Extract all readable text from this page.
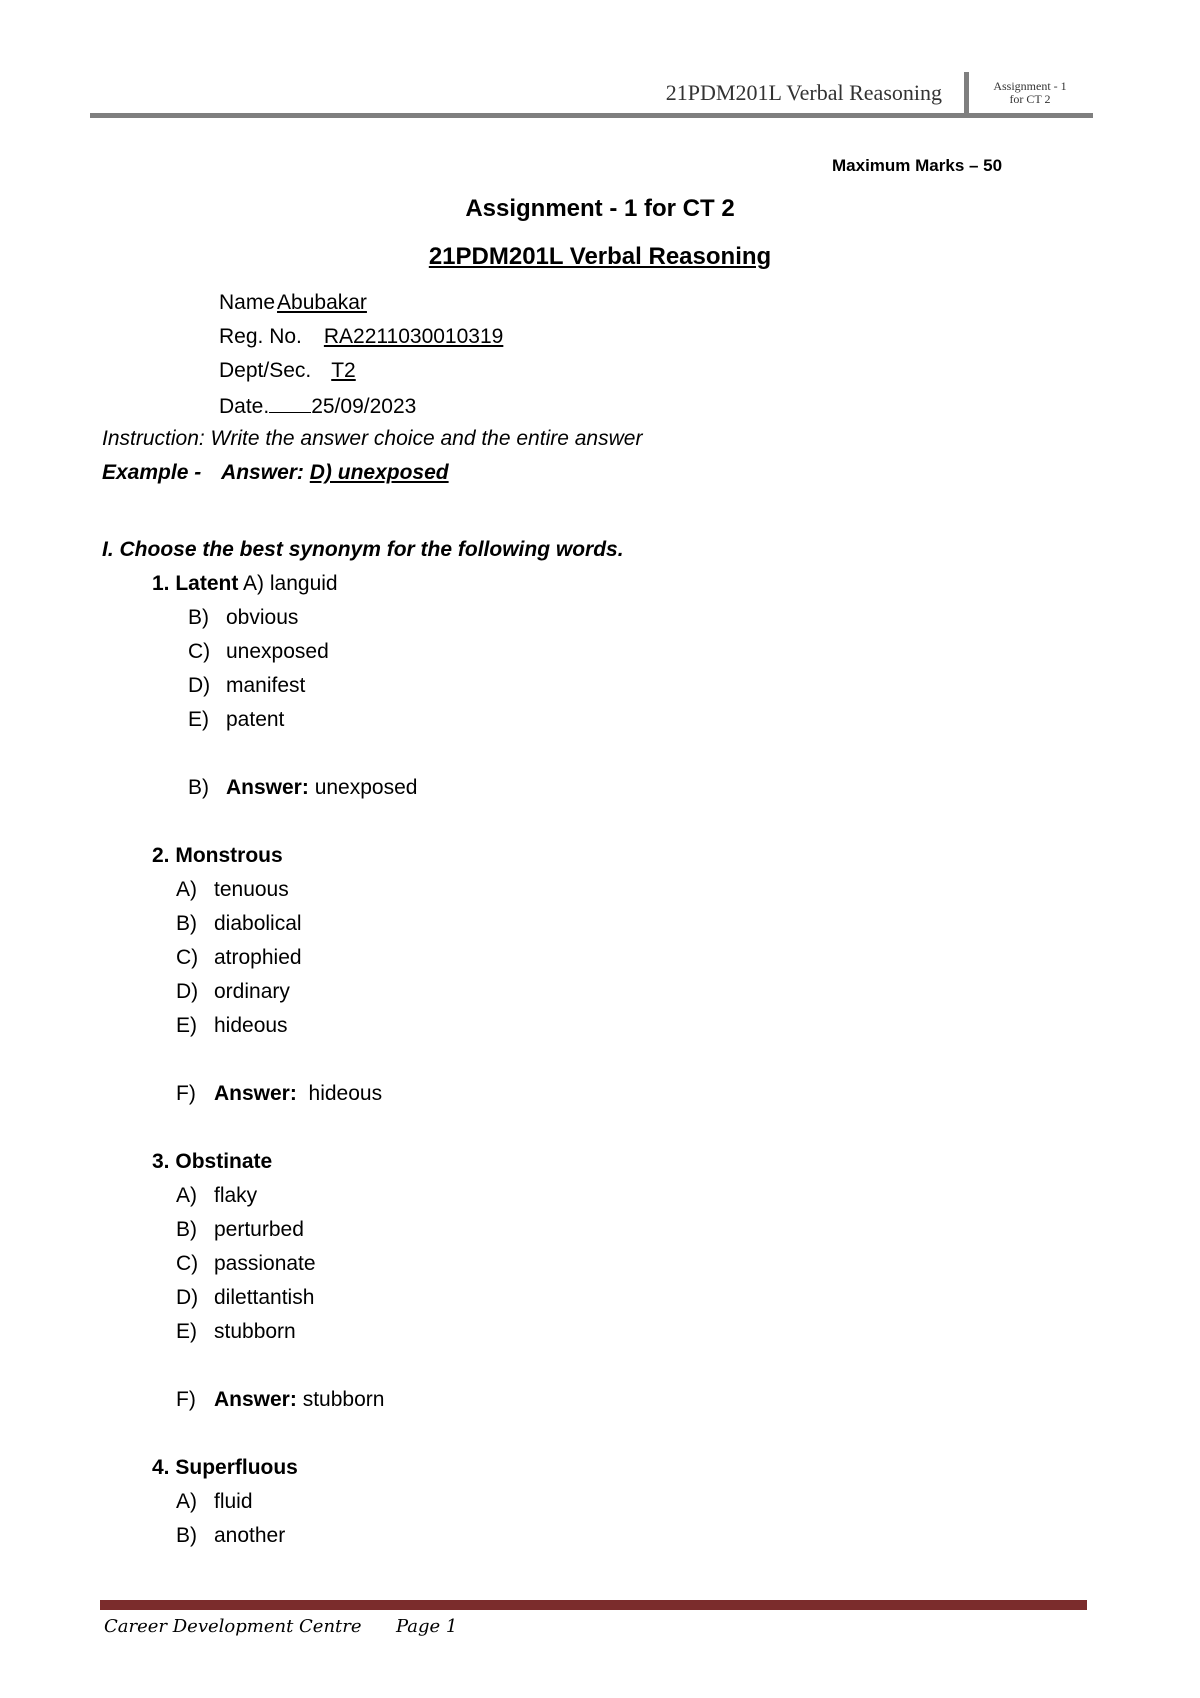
21PDM201L Verbal Reasoning	Assignment - 1
for CT 2
Maximum Marks – 50
Assignment - 1 for CT 2
21PDM201L Verbal Reasoning
NameAbubakar
Reg. No. RA2211030010319
Dept/Sec. T2
Date. 25/09/2023
Instruction: Write the answer choice and the entire answer
Example - Answer: D) unexposed
I. Choose the best synonym for the following words.
1. Latent A) languid
B) obvious
C) unexposed
D) manifest
E) patent
B) Answer: unexposed
2. Monstrous
A) tenuous
B) diabolical
C) atrophied
D) ordinary
E) hideous
F) Answer: hideous
3. Obstinate
A) flaky
B) perturbed
C) passionate
D) dilettantish
E) stubborn
F) Answer: stubborn
4. Superfluous
A) fluid
B) another
Career Development Centre Page 1
